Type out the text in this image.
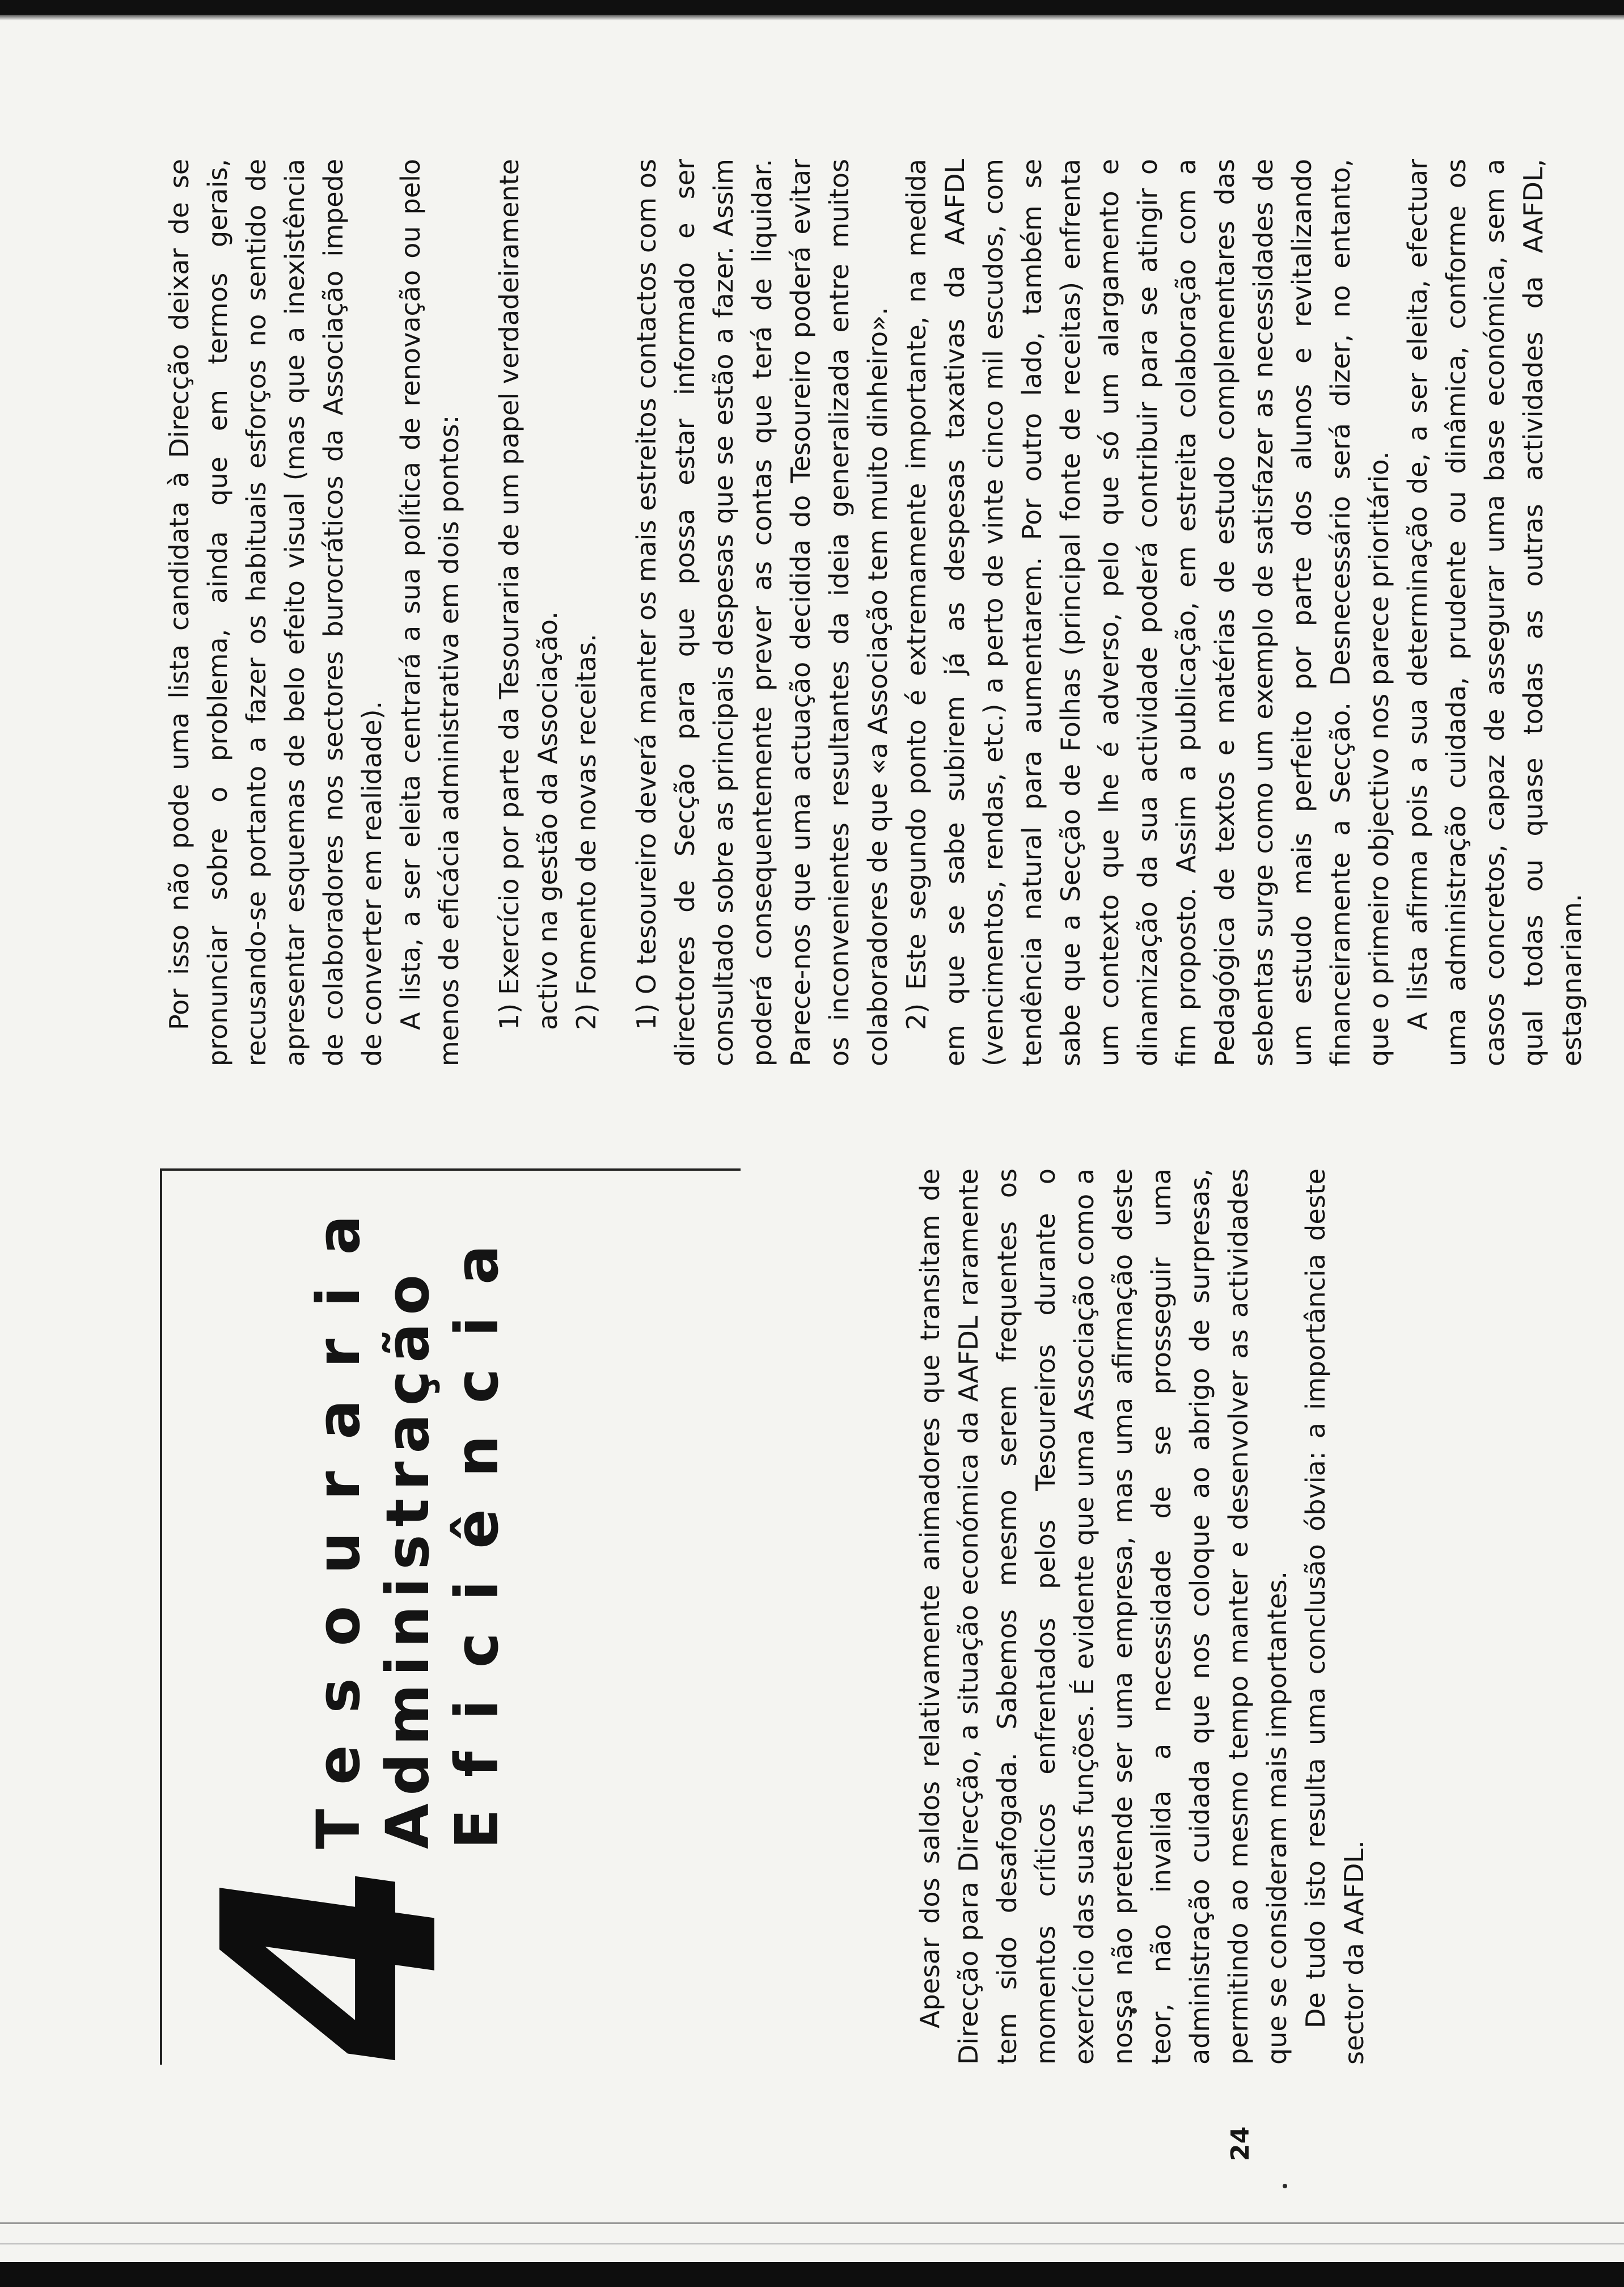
24
4
Tesouraria Administração Eficiência	Apesar dos saldos relativamente animadores que transitam de Direcção para Direcção, a situação económica da AAFDL raramente tem sido desafogada. Sabemos mesmo serem frequentes os momentos críticos enfrentados pelos Tesoureiros durante o exercício das suas funções. É evidente que uma Associação como a nossa não pretende ser uma empresa, mas uma afirmação deste teor, não invalida a necessidade de se prosseguir uma administração cuidada que nos coloque ao abrigo de surpresas, permitindo ao mesmo tempo manter e desenvolver as actividades que se consideram mais importantes. De tudo isto resulta uma conclusão óbvia: a importância deste sector da AAFDL.

Por isso não pode uma lista candidata à Direcção deixar de se pronunciar sobre o problema, ainda que em termos gerais, recusando-se portanto a fazer os habituais esforços no sentido de apresentar esquemas de belo efeito visual (mas que a inexistência de colaboradores nos sectores burocráticos da Associação impede de converter em realidade). A lista, a ser eleita centrará a sua política de renovação ou pelo menos de eficácia administrativa em dois pontos: 1) Exercício por parte da Tesouraria de um papel verdadeiramente activo na gestão da Associação. 2) Fomento de novas receitas. 1) O tesoureiro deverá manter os mais estreitos contactos com os directores de Secção para que possa estar informado e ser consultado sobre as principais despesas que se estão a fazer. Assim poderá consequentemente prever as contas que terá de liquidar. Parece-nos que uma actuação decidida do Tesoureiro poderá evitar os inconvenientes resultantes da ideia generalizada entre muitos colaboradores de que «a Associação tem muito dinheiro». 2) Este segundo ponto é extremamente importante, na medida em que se sabe subirem já as despesas taxativas da AAFDL (vencimentos, rendas, etc.) a perto de vinte cinco mil escudos, com tendência natural para aumentarem. Por outro lado, também se sabe que a Secção de Folhas (principal fonte de receitas) enfrenta um contexto que lhe é adverso, pelo que só um alargamento e dinamização da sua actividade poderá contribuir para se atingir o fim proposto. Assim a publicação, em estreita colaboração com a Pedagógica de textos e matérias de estudo complementares das sebentas surge como um exemplo de satisfazer as necessidades de um estudo mais perfeito por parte dos alunos e revitalizando financeiramente a Secção. Desnecessário será dizer, no entanto, que o primeiro objectivo nos parece prioritário. A lista afirma pois a sua determinação de, a ser eleita, efectuar uma administração cuidada, prudente ou dinâmica, conforme os casos concretos, capaz de assegurar uma base económica, sem a qual todas ou quase todas as outras actividades da AAFDL, estagnariam.
